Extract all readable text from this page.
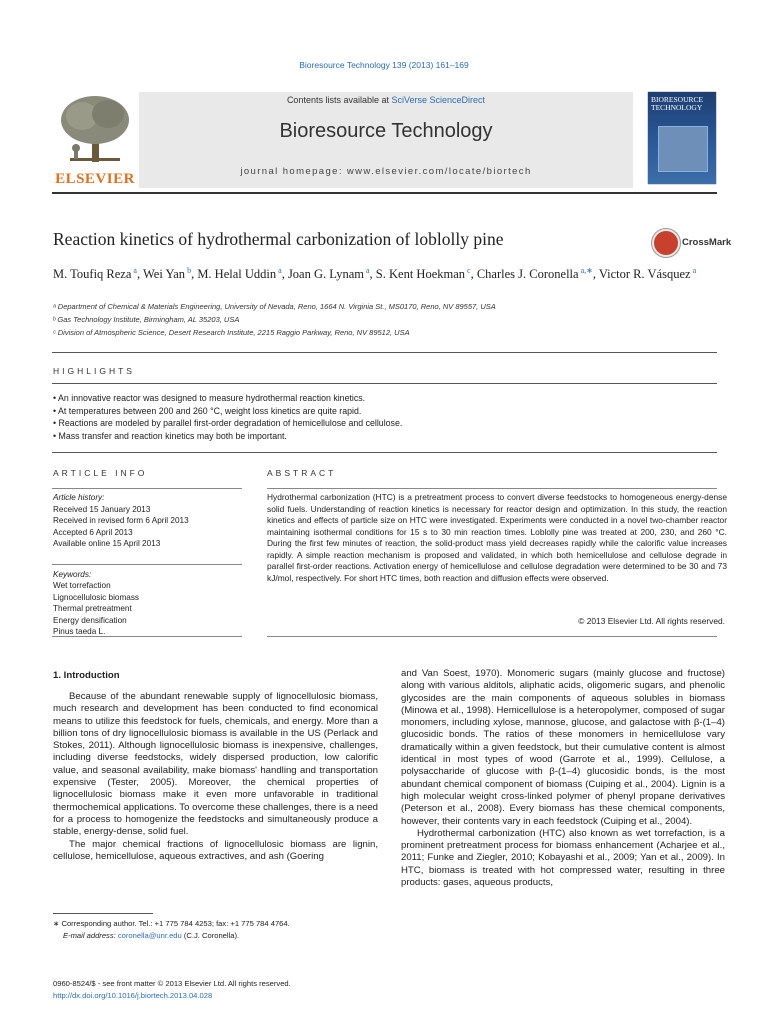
Bioresource Technology 139 (2013) 161–169
ELSEVIER
Contents lists available at SciVerse ScienceDirect
Bioresource Technology
journal homepage: www.elsevier.com/locate/biortech
BIORESOURCE TECHNOLOGY
Reaction kinetics of hydrothermal carbonization of loblolly pine	CrossMark
M. Toufiq Reza $^a$, Wei Yan $^b$, M. Helal Uddin $^a$, Joan G. Lynam $^a$, S. Kent Hoekman $^c$, Charles J. Coronella $^{a,∗}$, Victor R. Vásquez $^a$
ᵃ Department of Chemical & Materials Engineering, University of Nevada, Reno, 1664 N. Virginia St., MS0170, Reno, NV 89557, USA
ᵇ Gas Technology Institute, Birmingham, AL 35203, USA
ᶜ Division of Atmospheric Science, Desert Research Institute, 2215 Raggio Parkway, Reno, NV 89512, USA
HIGHLIGHTS
• An innovative reactor was designed to measure hydrothermal reaction kinetics.
• At temperatures between 200 and 260 °C, weight loss kinetics are quite rapid.
• Reactions are modeled by parallel first-order degradation of hemicellulose and cellulose.
• Mass transfer and reaction kinetics may both be important.
ARTICLE INFO	ABSTRACT
Article history:
Received 15 January 2013
Received in revised form 6 April 2013
Accepted 6 April 2013
Available online 15 April 2013
Keywords:
Wet torrefaction
Lignocellulosic biomass
Thermal pretreatment
Energy densification
Pinus taeda L.
Hydrothermal carbonization (HTC) is a pretreatment process to convert diverse feedstocks to homogeneous energy-dense solid fuels. Understanding of reaction kinetics is necessary for reactor design and optimization. In this study, the reaction kinetics and effects of particle size on HTC were investigated. Experiments were conducted in a novel two-chamber reactor maintaining isothermal conditions for 15 s to 30 min reaction times. Loblolly pine was treated at 200, 230, and 260 °C. During the first few minutes of reaction, the solid-product mass yield decreases rapidly while the calorific value increases rapidly. A simple reaction mechanism is proposed and validated, in which both hemicellulose and cellulose degrade in parallel first-order reactions. Activation energy of hemicellulose and cellulose degradation were determined to be 30 and 73 kJ/mol, respectively. For short HTC times, both reaction and diffusion effects were observed.
© 2013 Elsevier Ltd. All rights reserved.
1. Introduction

Because of the abundant renewable supply of lignocellulosic biomass, much research and development has been conducted to find economical means to utilize this feedstock for fuels, chemicals, and energy. More than a billion tons of dry lignocellulosic biomass is available in the US (Perlack and Stokes, 2011). Although lignocellulosic biomass is inexpensive, challenges, including diverse feedstocks, widely dispersed production, low calorific value, and seasonal availability, make biomass' handling and transportation expensive (Tester, 2005). Moreover, the chemical properties of lignocellulosic biomass make it even more unfavorable in traditional thermochemical applications. To overcome these challenges, there is a need for a process to homogenize the feedstocks and simultaneously produce a stable, energy-dense, solid fuel.

The major chemical fractions of lignocellulosic biomass are lignin, cellulose, hemicellulose, aqueous extractives, and ash (Goering

and Van Soest, 1970). Monomeric sugars (mainly glucose and fructose) along with various alditols, aliphatic acids, oligomeric sugars, and phenolic glycosides are the main components of aqueous solubles in biomass (Minowa et al., 1998). Hemicellulose is a heteropolymer, composed of sugar monomers, including xylose, mannose, glucose, and galactose with β-(1–4) glucosidic bonds. The ratios of these monomers in hemicellulose vary dramatically within a given feedstock, but their cumulative content is almost identical in most types of wood (Garrote et al., 1999). Cellulose, a polysaccharide of glucose with β-(1–4) glucosidic bonds, is the most abundant chemical component of biomass (Cuiping et al., 2004). Lignin is a high molecular weight cross-linked polymer of phenyl propane derivatives (Peterson et al., 2008). Every biomass has these chemical components, however, their contents vary in each feedstock (Cuiping et al., 2004).

Hydrothermal carbonization (HTC) also known as wet torrefaction, is a prominent pretreatment process for biomass enhancement (Acharjee et al., 2011; Funke and Ziegler, 2010; Kobayashi et al., 2009; Yan et al., 2009). In HTC, biomass is treated with hot compressed water, resulting in three products: gases, aqueous products,

∗ Corresponding author. Tel.: +1 775 784 4253; fax: +1 775 784 4764.
E-mail address: coronella@unr.edu (C.J. Coronella).
0960-8524/$ - see front matter © 2013 Elsevier Ltd. All rights reserved.
http://dx.doi.org/10.1016/j.biortech.2013.04.028
